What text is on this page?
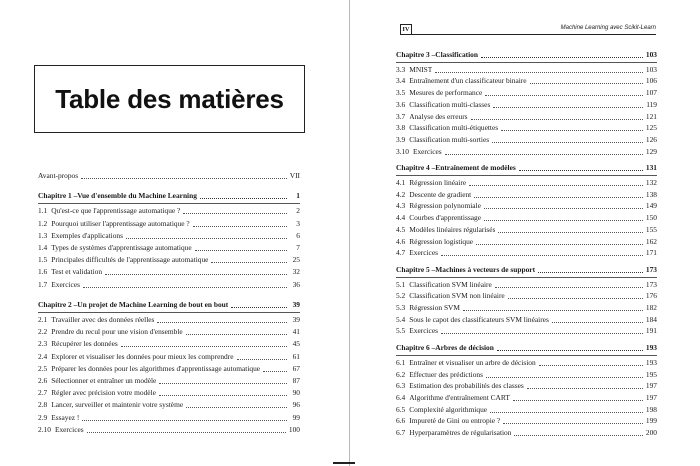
Table des matières
Avant-propos	VII
Chapitre 1 – Vue d'ensemble du Machine Learning	1
1.1 Qu'est-ce que l'apprentissage automatique ?	2
1.2 Pourquoi utiliser l'apprentissage automatique ?	3
1.3 Exemples d'applications	6
1.4 Types de systèmes d'apprentissage automatique	7
1.5 Principales difficultés de l'apprentissage automatique	25
1.6 Test et validation	32
1.7 Exercices	36
Chapitre 2 – Un projet de Machine Learning de bout en bout	39
2.1 Travailler avec des données réelles	39
2.2 Prendre du recul pour une vision d'ensemble	41
2.3 Récupérer les données	45
2.4 Explorer et visualiser les données pour mieux les comprendre	61
2.5 Préparer les données pour les algorithmes d'apprentissage automatique	67
2.6 Sélectionner et entraîner un modèle	87
2.7 Régler avec précision votre modèle	90
2.8 Lancer, surveiller et maintenir votre système	96
2.9 Essayez !	99
2.10 Exercices	100
IV	Machine Learning avec Scikit-Learn
Chapitre 3 – Classification	103
3.3 MNIST	103
3.4 Entraînement d'un classificateur binaire	106
3.5 Mesures de performance	107
3.6 Classification multi-classes	119
3.7 Analyse des erreurs	121
3.8 Classification multi-étiquettes	125
3.9 Classification multi-sorties	126
3.10 Exercices	129
Chapitre 4 – Entraînement de modèles	131
4.1 Régression linéaire	132
4.2 Descente de gradient	138
4.3 Régression polynomiale	149
4.4 Courbes d'apprentissage	150
4.5 Modèles linéaires régularisés	155
4.6 Régression logistique	162
4.7 Exercices	171
Chapitre 5 – Machines à vecteurs de support	173
5.1 Classification SVM linéaire	173
5.2 Classification SVM non linéaire	176
5.3 Régression SVM	182
5.4 Sous le capot des classificateurs SVM linéaires	184
5.5 Exercices	191
Chapitre 6 – Arbres de décision	193
6.1 Entraîner et visualiser un arbre de décision	193
6.2 Effectuer des prédictions	195
6.3 Estimation des probabilités des classes	197
6.4 Algorithme d'entraînement CART	197
6.5 Complexité algorithmique	198
6.6 Impureté de Gini ou entropie ?	199
6.7 Hyperparamètres de régularisation	200
